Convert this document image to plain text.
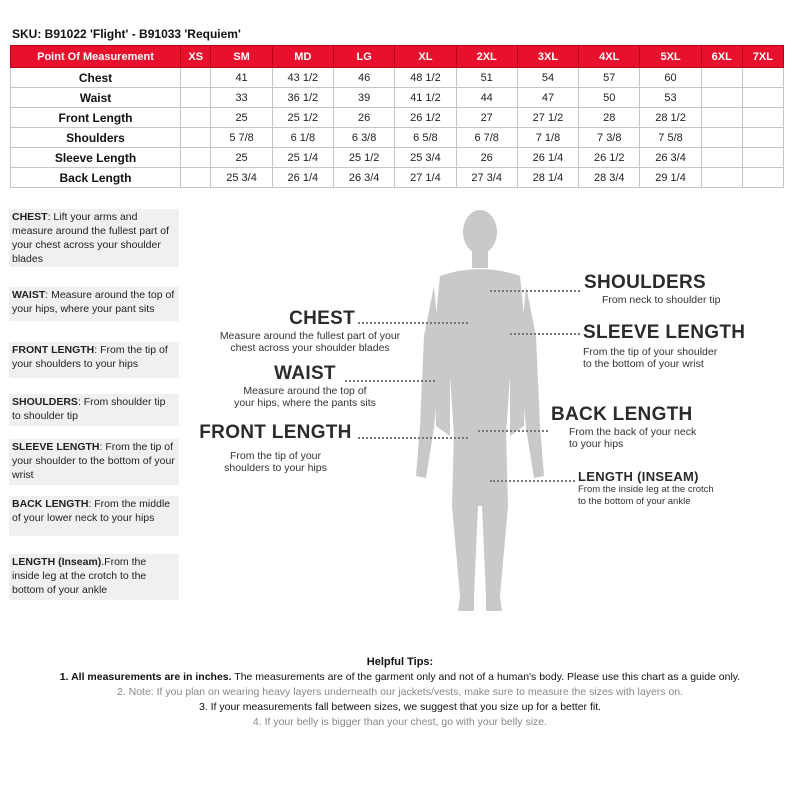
SKU: B91022 'Flight' - B91033 'Requiem'
Point Of Measurement	XS	SM	MD	LG	XL	2XL	3XL	4XL	5XL	6XL	7XL
Chest		41	43 1/2	46	48 1/2	51	54	57	60		
Waist		33	36 1/2	39	41 1/2	44	47	50	53		
Front Length		25	25 1/2	26	26 1/2	27	27 1/2	28	28 1/2		
Shoulders		5 7/8	6 1/8	6 3/8	6 5/8	6 7/8	7 1/8	7 3/8	7 5/8		
Sleeve Length		25	25 1/4	25 1/2	25 3/4	26	26 1/4	26 1/2	26 3/4		
Back Length		25 3/4	26 1/4	26 3/4	27 1/4	27 3/4	28 1/4	28 3/4	29 1/4		
CHEST: Lift your arms and measure around the fullest part of your chest across your shoulder blades
WAIST: Measure around the top of your hips, where your pant sits
FRONT LENGTH: From the tip of your shoulders to your hips
SHOULDERS: From shoulder tip to shoulder tip
SLEEVE LENGTH: From the tip of your shoulder to the bottom of your wrist
BACK LENGTH: From the middle of your lower neck to your hips
LENGTH (Inseam).From the inside leg at the crotch to the bottom of your ankle
CHEST
Measure around the fullest part of your
chest across your shoulder blades
WAIST
Measure around the top of
your hips, where the pants sits
FRONT LENGTH
From the tip of your
shoulders to your hips
SHOULDERS
From neck to shoulder tip
SLEEVE LENGTH
From the tip of your shoulder
to the bottom of your wrist
BACK LENGTH
From the back of your neck
to your hips
LENGTH (INSEAM)
From the inside leg at the crotch
to the bottom of your ankle
Helpful Tips:
1. All measurements are in inches. The measurements are of the garment only and not of a human's body. Please use this chart as a guide only.
2. Note: If you plan on wearing heavy layers underneath our jackets/vests, make sure to measure the sizes with layers on.
3. If your measurements fall between sizes, we suggest that you size up for a better fit.
4. If your belly is bigger than your chest, go with your belly size.
